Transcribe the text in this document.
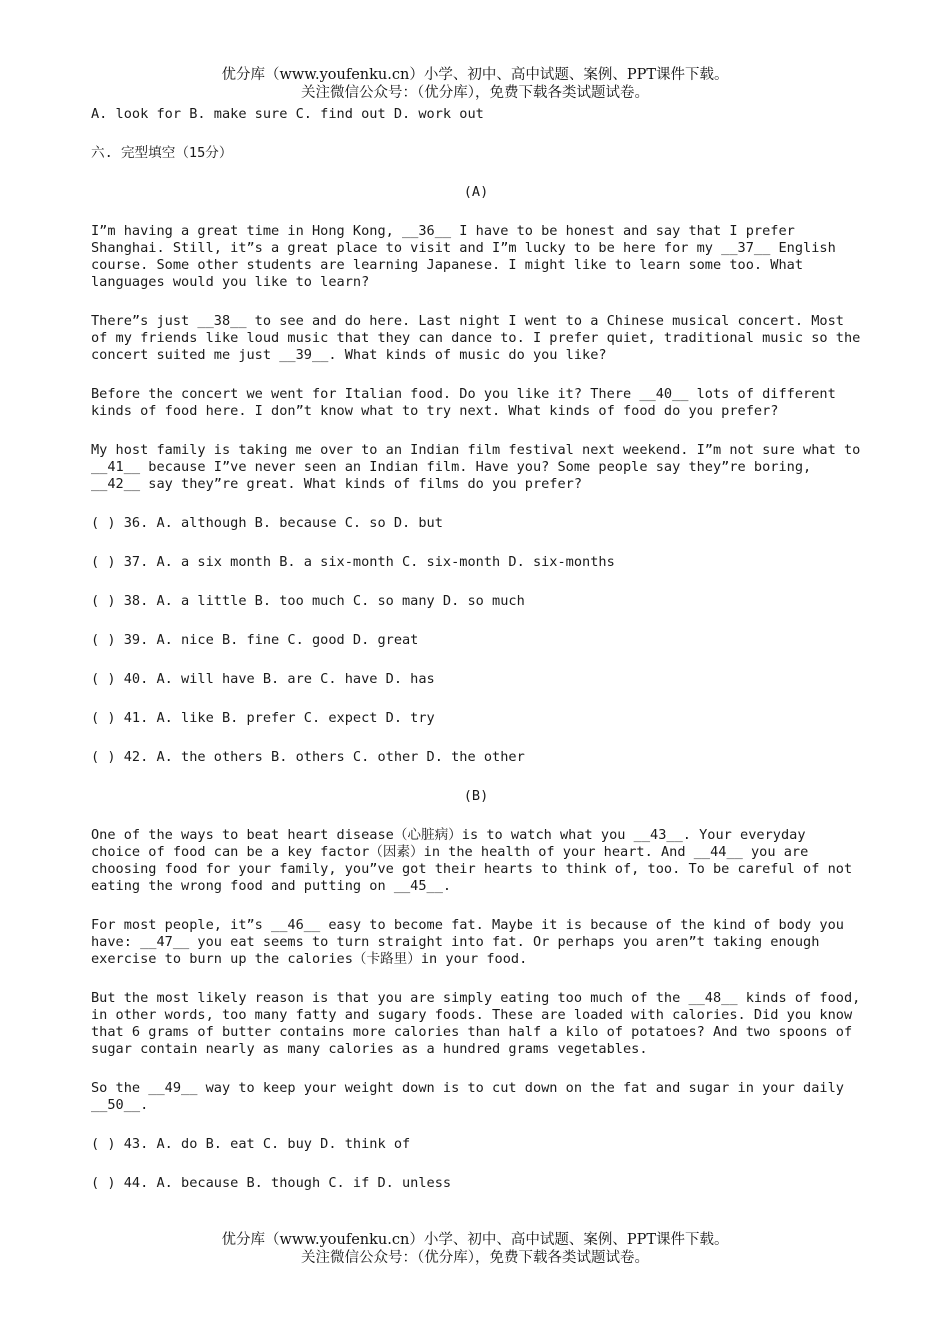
优分库（www.youfenku.cn）小学、初中、高中试题、案例、PPT课件下载。
关注微信公众号：（优分库），免费下载各类试题试卷。
A. look for B. make sure C. find out D. work out
六. 完型填空（15分）
(A)
I”m having a great time in Hong Kong, __36__ I have to be honest and say that I prefer Shanghai. Still, it”s a great place to visit and I”m lucky to be here for my __37__ English course. Some other students are learning Japanese. I might like to learn some too. What languages would you like to learn?
There”s just __38__ to see and do here. Last night I went to a Chinese musical concert. Most of my friends like loud music that they can dance to. I prefer quiet, traditional music so the concert suited me just __39__. What kinds of music do you like?
Before the concert we went for Italian food. Do you like it? There __40__ lots of different kinds of food here. I don”t know what to try next. What kinds of food do you prefer?
My host family is taking me over to an Indian film festival next weekend. I”m not sure what to __41__ because I”ve never seen an Indian film. Have you? Some people say they”re boring, __42__ say they”re great. What kinds of films do you prefer?
( ) 36. A. although B. because C. so D. but
( ) 37. A. a six month B. a six-month C. six-month D. six-months
( ) 38. A. a little B. too much C. so many D. so much
( ) 39. A. nice B. fine C. good D. great
( ) 40. A. will have B. are C. have D. has
( ) 41. A. like B. prefer C. expect D. try
( ) 42. A. the others B. others C. other D. the other
(B)
One of the ways to beat heart disease（心脏病）is to watch what you __43__. Your everyday choice of food can be a key factor（因素）in the health of your heart. And __44__ you are choosing food for your family, you”ve got their hearts to think of, too. To be careful of not eating the wrong food and putting on __45__.
For most people, it”s __46__ easy to become fat. Maybe it is because of the kind of body you have: __47__ you eat seems to turn straight into fat. Or perhaps you aren”t taking enough exercise to burn up the calories（卡路里）in your food.
But the most likely reason is that you are simply eating too much of the __48__ kinds of food, in other words, too many fatty and sugary foods. These are loaded with calories. Did you know that 6 grams of butter contains more calories than half a kilo of potatoes? And two spoons of sugar contain nearly as many calories as a hundred grams vegetables.
So the __49__ way to keep your weight down is to cut down on the fat and sugar in your daily __50__.
( ) 43. A. do B. eat C. buy D. think of
( ) 44. A. because B. though C. if D. unless
优分库（www.youfenku.cn）小学、初中、高中试题、案例、PPT课件下载。
关注微信公众号：（优分库），免费下载各类试题试卷。
